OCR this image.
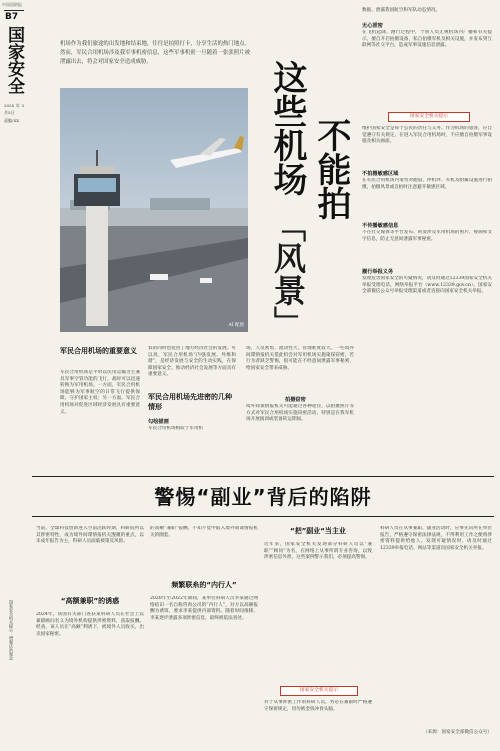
中国国防报
B7
国家安全
2025年3月5日
责编:XX
国家安全机关提示：增强法治观念
机场作为我们旅途的出发地和结束地，往往是拍照打卡，分享生活的热门地点。然而，军民合用机场涉及我军事机密信息，这些军事机密一旦随着一张张照片被泄露出去，将会对国家安全造成威胁。
AI 配图
这些机场 不能拍
「风景」
数据、泄露我国航空和军队动态情况。
无心泄密
在飞机起降、跑行过程中，个别人员无视机场内广播和有关提示，擅自开启拍摄设备，私自拍摄军机及相关设施，并发布到互联网等社交平台，造成军事设施信息泄露。
国家安全机关提示
维护国家安全是每个公民的责任与义务。作为机场的旅客，应自觉遵守有关规定，在进入军民合用机场时，不应擅自拍摄军事设施及相关画面。
不拍摄敏感区域
在军民合用机场内请勿对跑道、停机坪、军机及附属设施进行拍摄，拍摄风景或自拍时注意避开敏感区域。
不传播敏感信息
不在社交媒体等平台发布、转发涉及军用机场的照片、视频和文字信息，防止无意间泄露军事秘密。
履行举报义务
发现危害国家安全的可疑情况，请及时通过12339国家安全机关举报受理电话、网络举报平台（www.12339.gov.cn）、国家安全部微信公众号举报受理渠道或者直接向国家安全机关举报。
军民合用机场的重要意义
军民合用机场是平时以民用运输为主兼具军事空管功能的飞行，战时可以迅速转换为军用机场。一方面，军民合用机场能够为军事航空的日常飞行提供保障，守护国家主权；另一方面，军民合用机场对促进区域经济发展具有重要意义。
农的同时也促进了地方经济社会的发展。可以说，军民合用机场“内强发展、外维和谐”，是经济发展与安全的生动实践，在保障国家安全、推动经济社会发展等方面具有重要意义。
军民合用机场先进密的几种情形
勾绘描画
军民合用机场相较于军用机
场，人员密集、流动性大，管理难度较大。一些境外间谍情报机关借此机会对军用机场实施窥探窃密，若行为者缺乏警惕，很可能在不经意间泄露军事秘密，给国家安全带来威胁。
拍摄窃密
境外间谍情报机关可能通过各种途径，以拍摄照片等方式对军民合用机场实施窃密活动，特别是在我军机场开展演训或装备转运期间。
警惕“副业”背后的陷阱
当前，全球科技创新进入空前活跃时期，科研院所以其涉密特性，成为境外间谍情报机关觊觎的重点，以未成年报告为主，科研人员面临被策反风险。
“高额兼职”的诱惑
2024年，我国有关部门查获某科研人员在社会上以兼职顾问名义为境外机构提供涉密资料，获取报酬。经查，该人员在“高额”利诱下，被境外人员收买，出卖国家秘密。
的高额“兼职”报酬，不知不觉中陷入境外间谍情报机关的圈套。
频繁联糸的“内行人”
2020年至2022年期间，某单位科研人员李某通过网络结识一名自称咨询公司的“内行人”，对方以高额报酬为诱饵，要求李某提供内部资料。随着时间推移，李某逐步泄露多项涉密信息，最终被依法查处。
“把”副业“当主业
近年来，国家安全机关发现部分科研人员以“兼职”“顾问”为名，在网络上从事所谓专业咨询，以致涉密信息外泄。这些案例警示我们，必须提高警惕。
国家安全机关提示
对于从事涉密工作的科研人员，务必在兼职时严格遵守保密规定，切勿被金钱冲昏头脑。
科研人员在从事兼职、副业活动时，应事先向所在单位报告，严格遵守保密法律法规，不得利用工作之便将涉密资料提供给他人。发现可疑情况时，请及时通过12339举报电话、网站等渠道向国家安全机关举报。
（来源：国家安全部微信公众号）
